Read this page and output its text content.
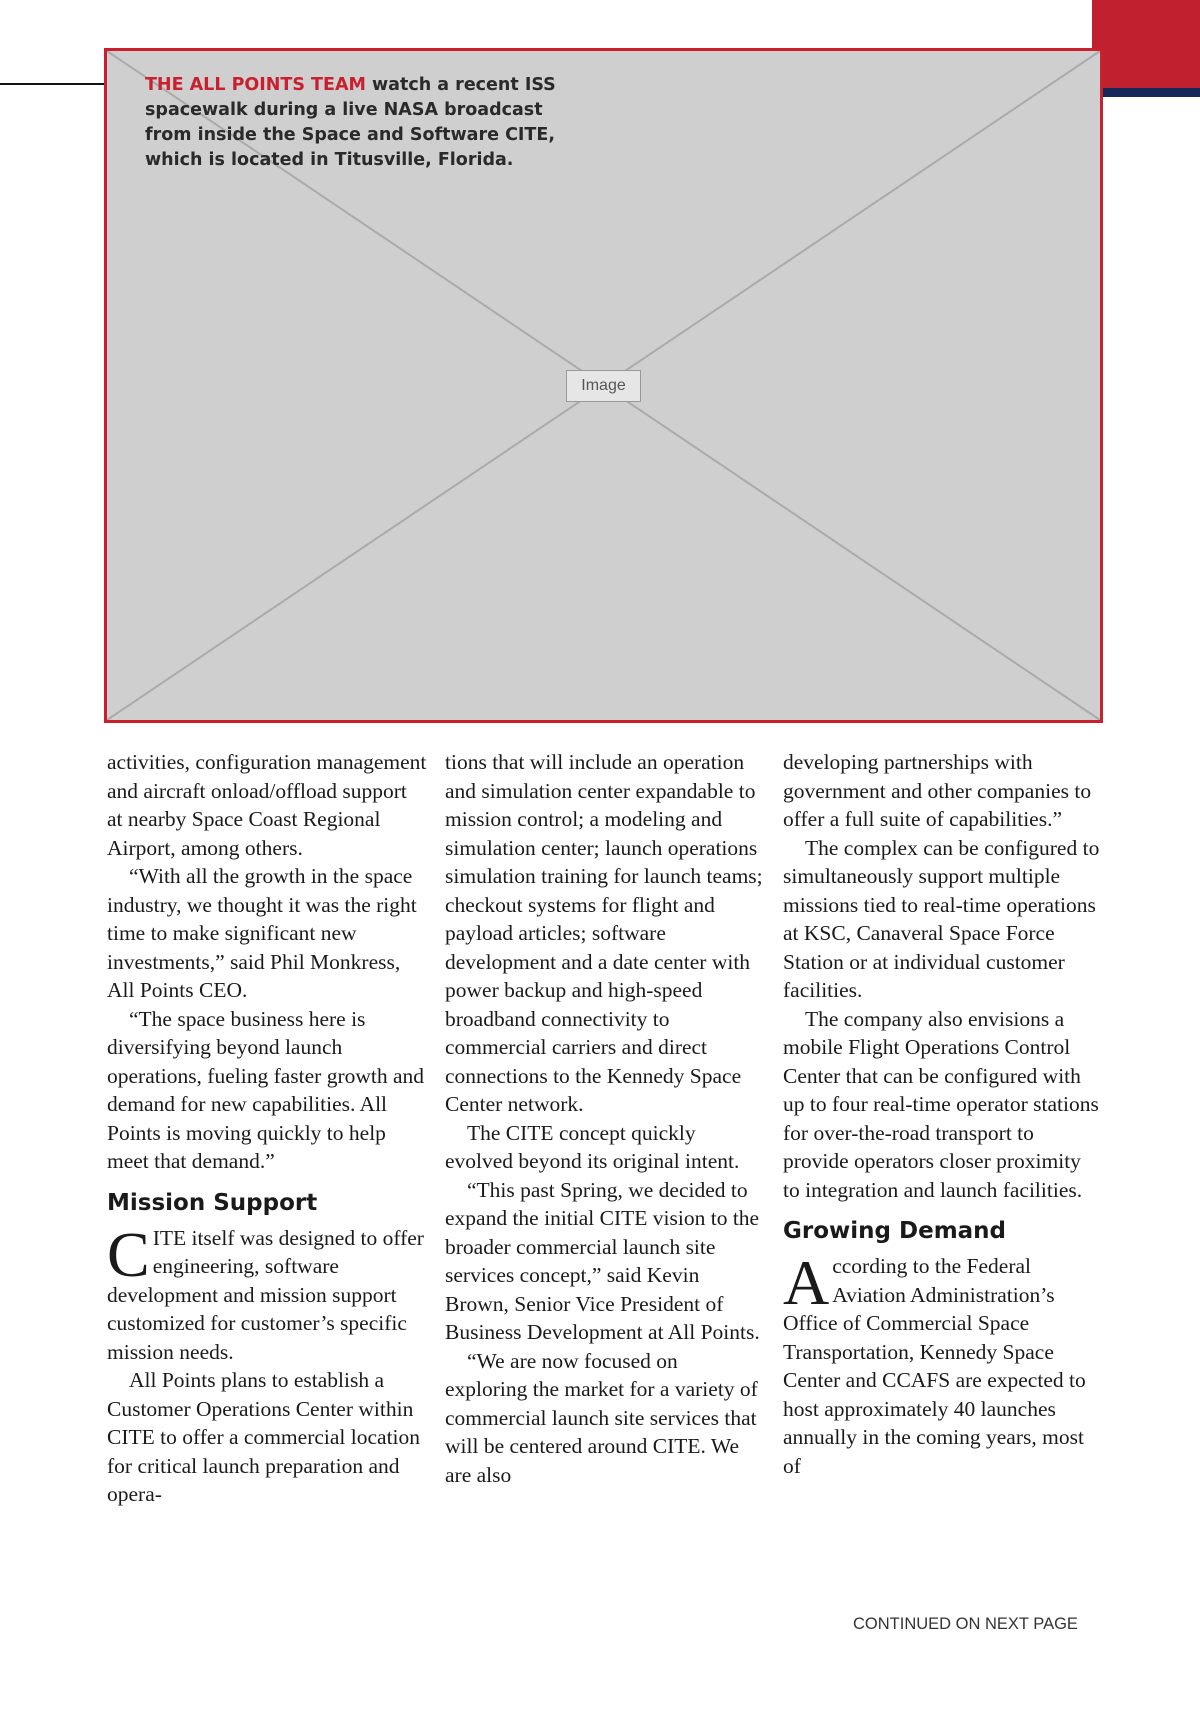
Image
THE ALL POINTS TEAM watch a recent ISS spacewalk during a live NASA broadcast from inside the Space and Software CITE, which is located in Titusville, Florida.

activities, configuration management and aircraft onload/offload support at nearby Space Coast Regional Airport, among others.

“With all the growth in the space industry, we thought it was the right time to make significant new investments,” said Phil Monkress, All Points CEO.

“The space business here is diversifying beyond launch operations, fueling faster growth and demand for new capabilities. All Points is moving quickly to help meet that demand.”

Mission Support

CITE itself was designed to offer engineering, software development and mission support customized for customer’s specific mission needs.

All Points plans to establish a Customer Operations Center within CITE to offer a commercial location for critical launch preparation and opera-

tions that will include an operation and simulation center expandable to mission control; a modeling and simulation center; launch operations simulation training for launch teams; checkout systems for flight and payload articles; software development and a date center with power backup and high-speed broadband connectivity to commercial carriers and direct connections to the Kennedy Space Center network.

The CITE concept quickly evolved beyond its original intent.

“This past Spring, we decided to expand the initial CITE vision to the broader commercial launch site services concept,” said Kevin Brown, Senior Vice President of Business Development at All Points.

“We are now focused on exploring the market for a variety of commercial launch site services that will be centered around CITE. We are also

developing partnerships with government and other companies to offer a full suite of capabilities.”

The complex can be configured to simultaneously support multiple missions tied to real-time operations at KSC, Canaveral Space Force Station or at individual customer facilities.

The company also envisions a mobile Flight Operations Control Center that can be configured with up to four real-time operator stations for over-the-road transport to provide operators closer proximity to integration and launch facilities.

Growing Demand

According to the Federal Aviation Administration’s Office of Commercial Space Transportation, Kennedy Space Center and CCAFS are expected to host approximately 40 launches annually in the coming years, most of

CONTINUED ON NEXT PAGE
